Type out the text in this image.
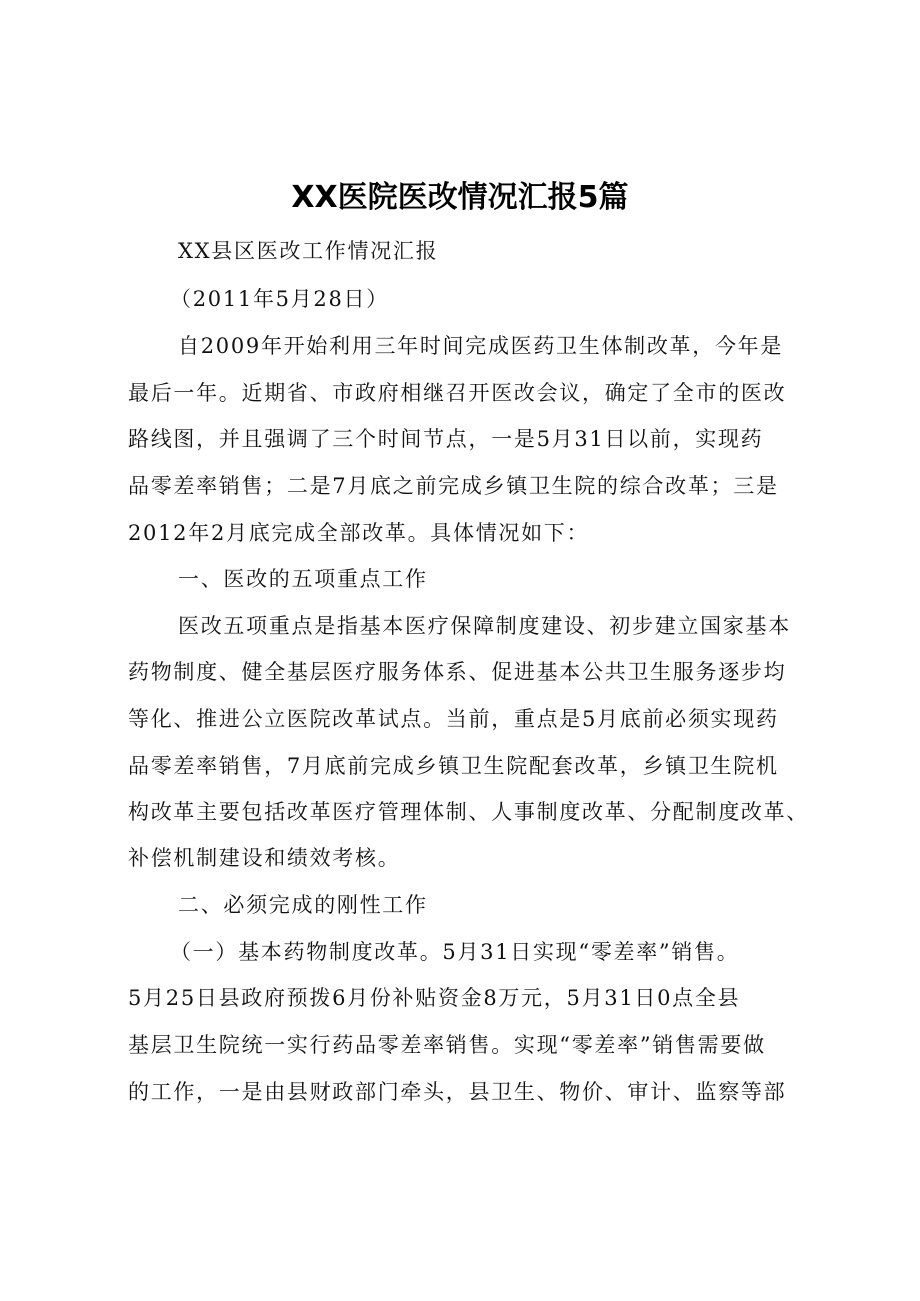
XX医院医改情况汇报5篇

XX县区医改工作情况汇报

（2011年5月28日）

自2009年开始利用三年时间完成医药卫生体制改革，今年是

最后一年。近期省、市政府相继召开医改会议，确定了全市的医改

路线图，并且强调了三个时间节点，一是5月31日以前，实现药

品零差率销售；二是7月底之前完成乡镇卫生院的综合改革；三是

2012年2月底完成全部改革。具体情况如下：

一、医改的五项重点工作

医改五项重点是指基本医疗保障制度建设、初步建立国家基本

药物制度、健全基层医疗服务体系、促进基本公共卫生服务逐步均

等化、推进公立医院改革试点。当前，重点是5月底前必须实现药

品零差率销售，7月底前完成乡镇卫生院配套改革，乡镇卫生院机

构改革主要包括改革医疗管理体制、人事制度改革、分配制度改革、

补偿机制建设和绩效考核。

二、必须完成的刚性工作

（一）基本药物制度改革。5月31日实现“零差率”销售。

5月25日县政府预拨6月份补贴资金8万元，5月31日0点全县

基层卫生院统一实行药品零差率销售。实现“零差率”销售需要做

的工作，一是由县财政部门牵头，县卫生、物价、审计、监察等部
